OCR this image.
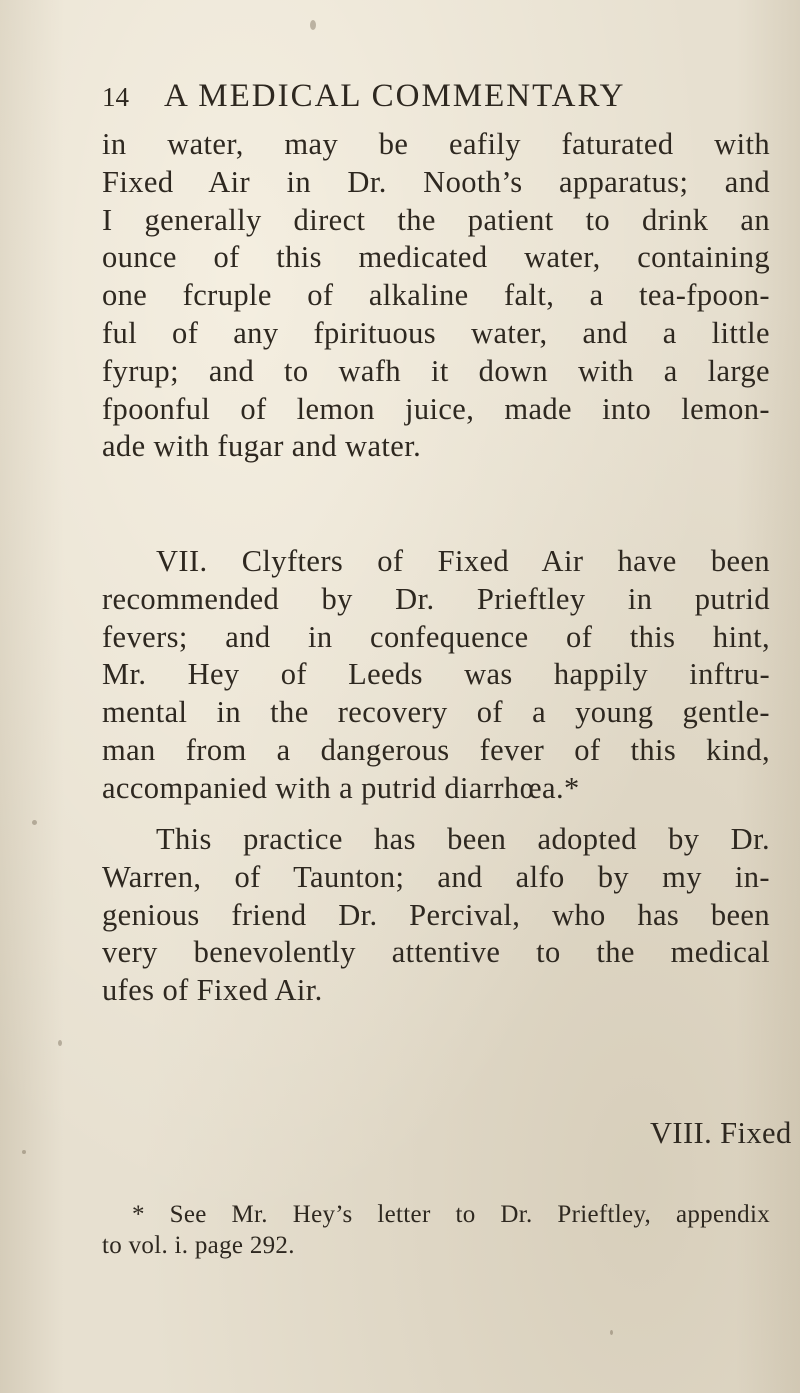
14 A MEDICAL COMMENTARY
in water, may be eafily faturated with
Fixed Air in Dr. Nooth’s apparatus; and
I generally direct the patient to drink an
ounce of this medicated water, containing
one fcruple of alkaline falt, a tea-fpoon-
ful of any fpirituous water, and a little
fyrup; and to wafh it down with a large
fpoonful of lemon juice, made into lemon-
ade with fugar and water.
VII. Clyfters of Fixed Air have been
recommended by Dr. Prieftley in putrid
fevers; and in confequence of this hint,
Mr. Hey of Leeds was happily inftru-
mental in the recovery of a young gentle-
man from a dangerous fever of this kind,
accompanied with a putrid diarrhœa.*
This practice has been adopted by Dr.
Warren, of Taunton; and alfo by my in-
genious friend Dr. Percival, who has been
very benevolently attentive to the medical
ufes of Fixed Air.
VIII. Fixed
* See Mr. Hey’s letter to Dr. Prieftley, appendix
to vol. i. page 292.
